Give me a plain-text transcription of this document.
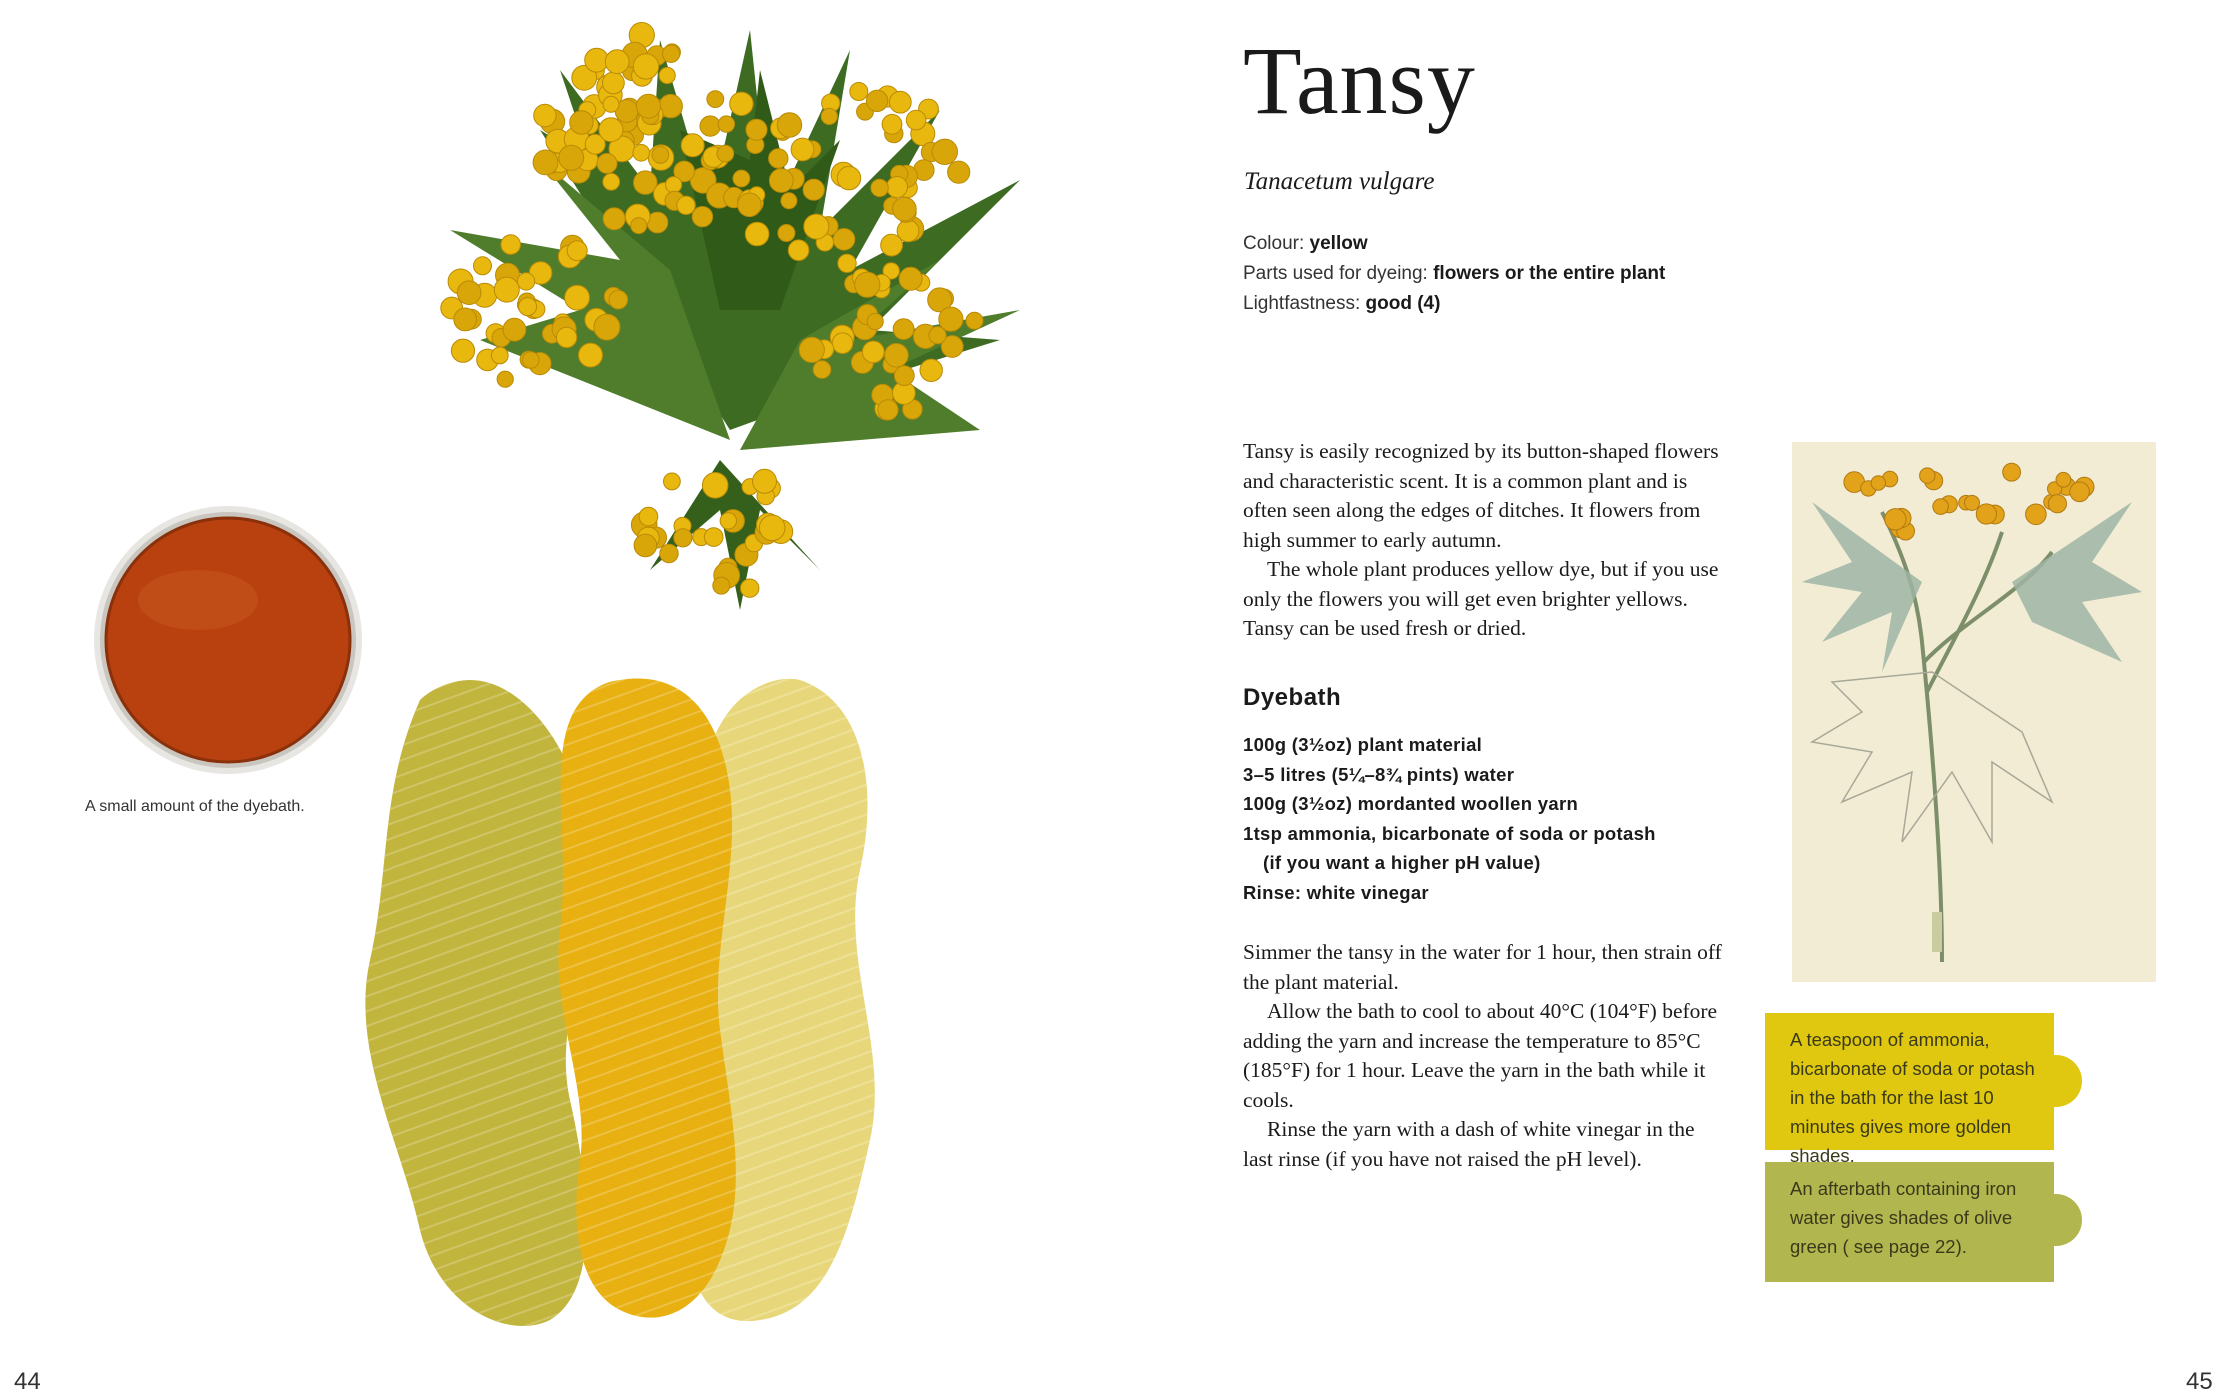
A small amount of the dyebath.
44
Tansy
Tanacetum vulgare
Colour: yellow
Parts used for dyeing: flowers or the entire plant
Lightfastness: good (4)

Tansy is easily recognized by its button-shaped flowers and characteristic scent. It is a common plant and is often seen along the edges of ditches. It flowers from high summer to early autumn.

The whole plant produces yellow dye, but if you use only the flowers you will get even brighter yellows. Tansy can be used fresh or dried.

Dyebath
100g (3½oz) plant material
3–5 litres (5¼–8¾ pints) water
100g (3½oz) mordanted woollen yarn
1tsp ammonia, bicarbonate of soda or potash
(if you want a higher pH value)
Rinse: white vinegar

Simmer the tansy in the water for 1 hour, then strain off the plant material.

Allow the bath to cool to about 40°C (104°F) before adding the yarn and increase the temperature to 85°C (185°F) for 1 hour. Leave the yarn in the bath while it cools.

Rinse the yarn with a dash of white vinegar in the last rinse (if you have not raised the pH level).

A teaspoon of ammonia, bicarbonate of soda or potash in the bath for the last 10 minutes gives more golden shades.
An afterbath containing iron water gives shades of olive green ( see page 22).
45
